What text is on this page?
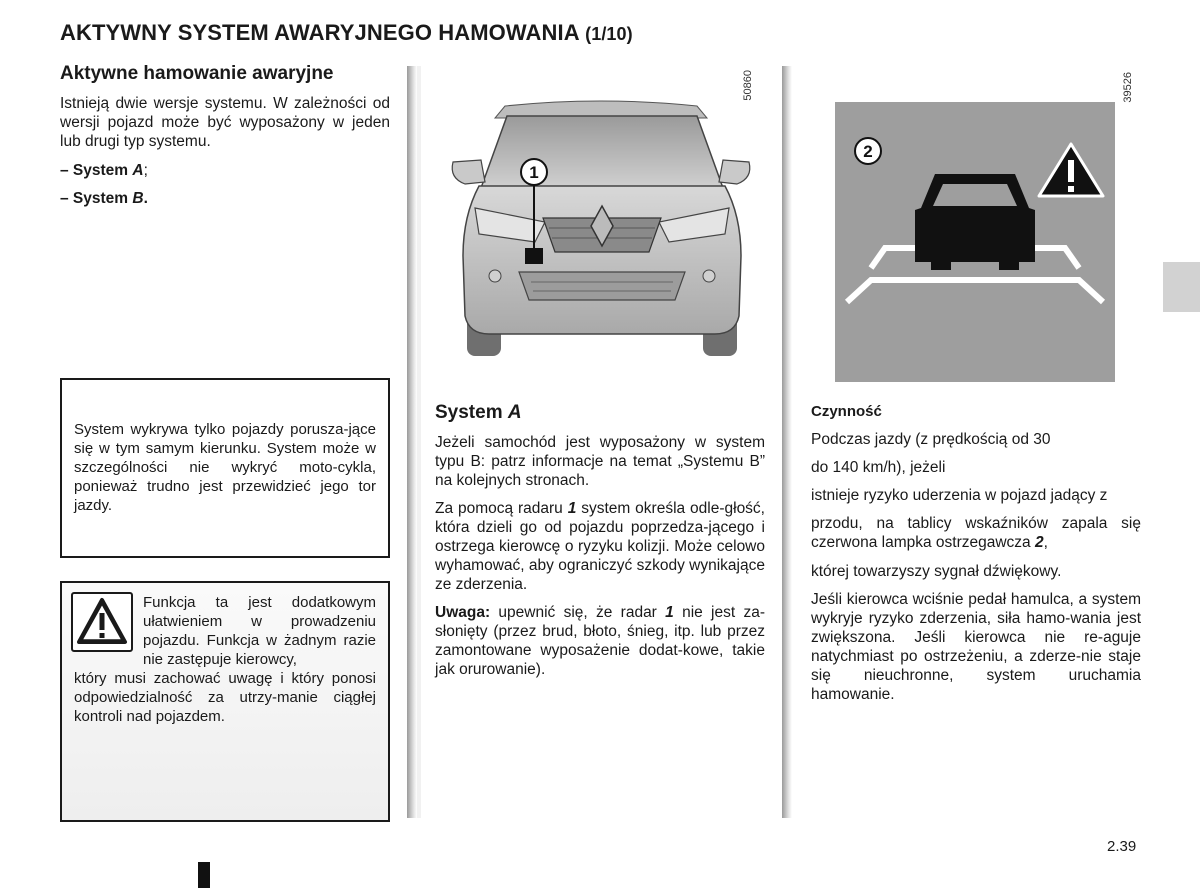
AKTYWNY SYSTEM AWARYJNEGO HAMOWANIA (1/10)
Aktywne hamowanie awaryjne
Istnieją dwie wersje systemu. W zależności od wersji pojazd może być wyposażony w jeden lub drugi typ systemu.
– System A;
– System B.
System wykrywa tylko pojazdy porusza-jące się w tym samym kierunku. System może w szczególności nie wykryć moto-cykla, ponieważ trudno jest przewidzieć jego tor jazdy.
Funkcja ta jest dodatkowym ułatwieniem w prowadzeniu pojazdu. Funkcja w żadnym razie nie zastępuje kierowcy,
który musi zachować uwagę i który ponosi odpowiedzialność za utrzy-manie ciągłej kontroli nad pojazdem.
1
50860
System A
Jeżeli samochód jest wyposażony w system typu B: patrz informacje na temat „Systemu B” na kolejnych stronach.
Za pomocą radaru 1 system określa odle-głość, która dzieli go od pojazdu poprzedza-jącego i ostrzega kierowcę o ryzyku kolizji. Może celowo wyhamować, aby ograniczyć szkody wynikające ze zderzenia.
Uwaga: upewnić się, że radar 1 nie jest za-słonięty (przez brud, błoto, śnieg, itp. lub przez zamontowane wyposażenie dodat-kowe, takie jak orurowanie).
2
39526
Czynność
Podczas jazdy (z prędkością od 30
do 140 km/h), jeżeli
istnieje ryzyko uderzenia w pojazd jadący z
przodu, na tablicy wskaźników zapala się czerwona lampka ostrzegawcza 2,
której towarzyszy sygnał dźwiękowy.
Jeśli kierowca wciśnie pedał hamulca, a system wykryje ryzyko zderzenia, siła hamo-wania jest zwiększona. Jeśli kierowca nie re-aguje natychmiast po ostrzeżeniu, a zderze-nie staje się nieuchronne, system uruchamia hamowanie.
2.39
